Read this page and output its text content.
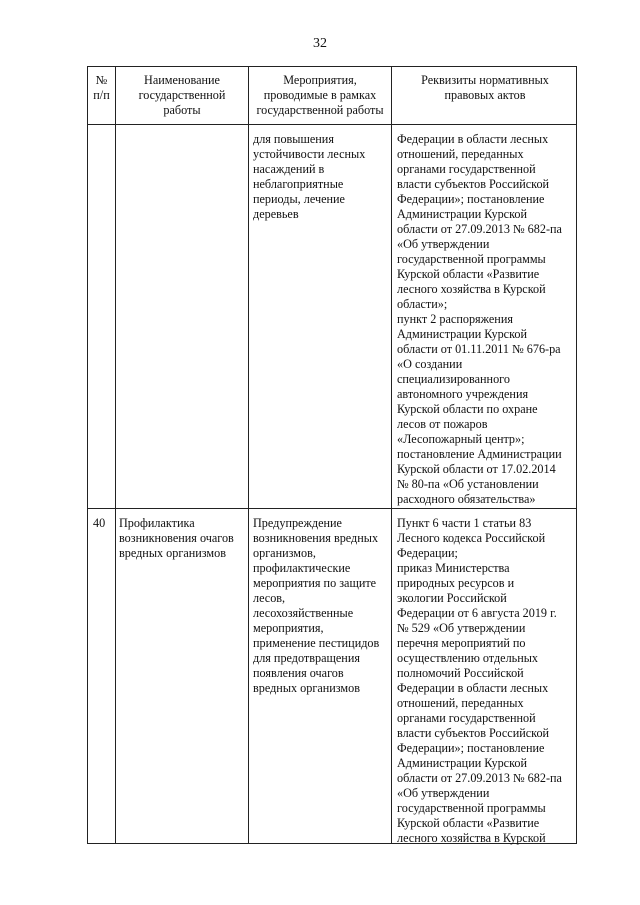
32
№
п/п
Наименование
государственной
работы
Мероприятия,
проводимые в рамках
государственной работы
Реквизиты нормативных
правовых актов
для повышения
устойчивости лесных
насаждений в
неблагоприятные
периоды, лечение
деревьев
Федерации в области лесных
отношений, переданных
органами государственной
власти субъектов Российской
Федерации»; постановление
Администрации Курской
области от 27.09.2013 № 682-па
«Об утверждении
государственной программы
Курской области «Развитие
лесного хозяйства в Курской
области»;
пункт 2 распоряжения
Администрации Курской
области от 01.11.2011 № 676-ра
«О создании
специализированного
автономного учреждения
Курской области по охране
лесов от пожаров
«Лесопожарный центр»;
постановление Администрации
Курской области от 17.02.2014
№ 80-па «Об установлении
расходного обязательства»
40 Профилактика
возникновения очагов
вредных организмов
Предупреждение
возникновения вредных
организмов,
профилактические
мероприятия по защите
лесов,
лесохозяйственные
мероприятия,
применение пестицидов
для предотвращения
появления очагов
вредных организмов
Пункт 6 части 1 статьи 83
Лесного кодекса Российской
Федерации;
приказ Министерства
природных ресурсов и
экологии Российской
Федерации от 6 августа 2019 г.
№ 529 «Об утверждении
перечня мероприятий по
осуществлению отдельных
полномочий Российской
Федерации в области лесных
отношений, переданных
органами государственной
власти субъектов Российской
Федерации»; постановление
Администрации Курской
области от 27.09.2013 № 682-па
«Об утверждении
государственной программы
Курской области «Развитие
лесного хозяйства в Курской
